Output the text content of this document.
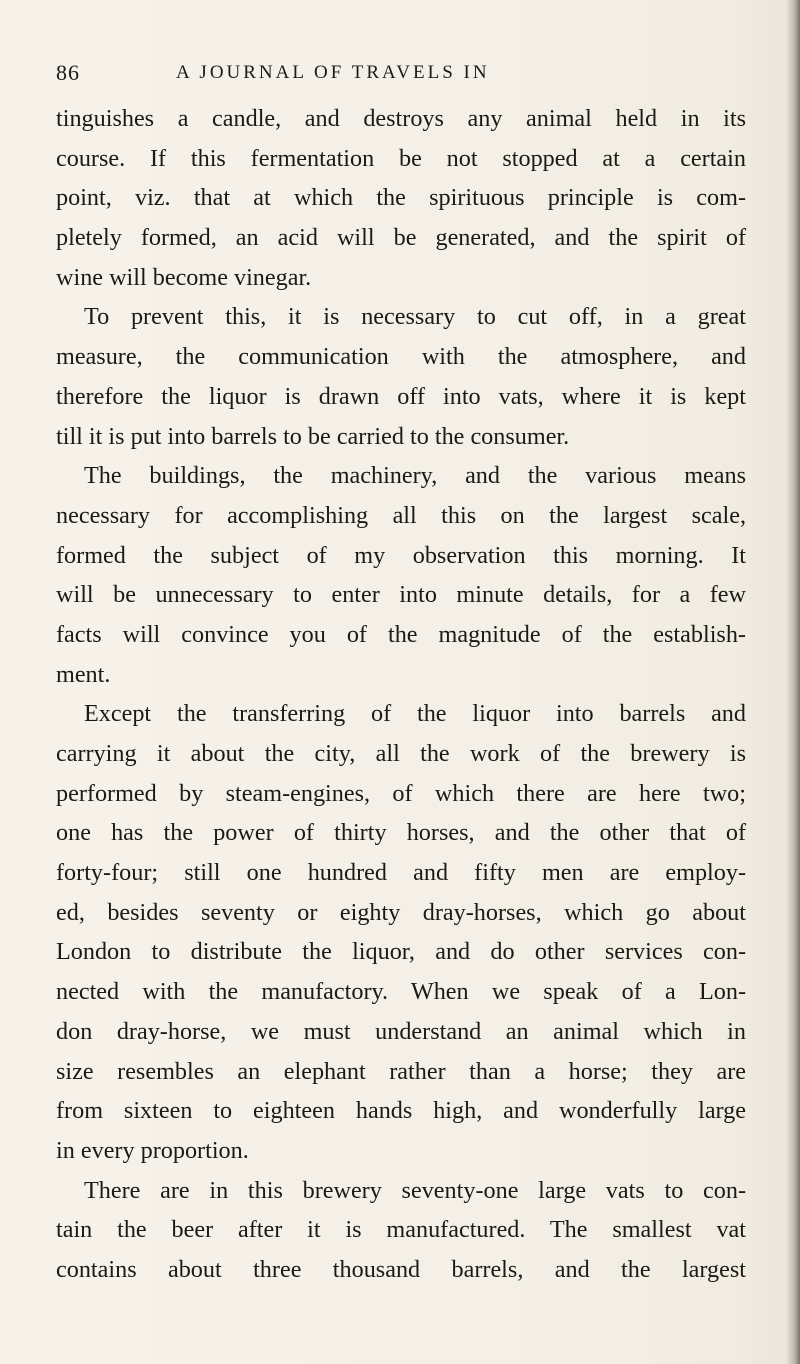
86	A JOURNAL OF TRAVELS IN
tinguishes a candle, and destroys any animal held in its
course. If this fermentation be not stopped at a certain
point, viz. that at which the spirituous principle is com-
pletely formed, an acid will be generated, and the spirit of
wine will become vinegar.
To prevent this, it is necessary to cut off, in a great
measure, the communication with the atmosphere, and
therefore the liquor is drawn off into vats, where it is kept
till it is put into barrels to be carried to the consumer.
The buildings, the machinery, and the various means
necessary for accomplishing all this on the largest scale,
formed the subject of my observation this morning. It
will be unnecessary to enter into minute details, for a few
facts will convince you of the magnitude of the establish-
ment.
Except the transferring of the liquor into barrels and
carrying it about the city, all the work of the brewery is
performed by steam-engines, of which there are here two;
one has the power of thirty horses, and the other that of
forty-four; still one hundred and fifty men are employ-
ed, besides seventy or eighty dray-horses, which go about
London to distribute the liquor, and do other services con-
nected with the manufactory. When we speak of a Lon-
don dray-horse, we must understand an animal which in
size resembles an elephant rather than a horse; they are
from sixteen to eighteen hands high, and wonderfully large
in every proportion.
There are in this brewery seventy-one large vats to con-
tain the beer after it is manufactured. The smallest vat
contains about three thousand barrels, and the largest
